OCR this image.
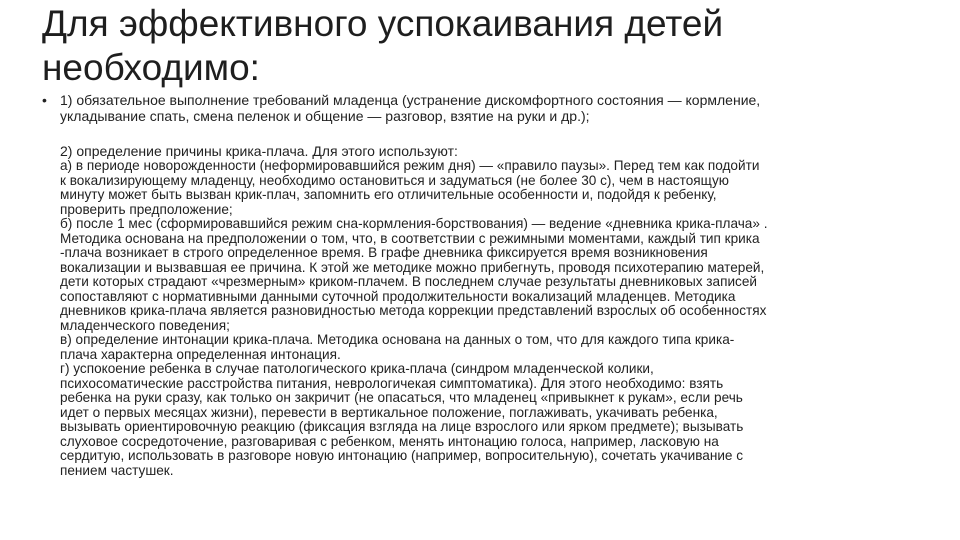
Для эффективного успокаивания детей
необходимо:
• 1) обязательное выполнение требований младенца (устранение дискомфортного состояния — кормление,
укладывание спать, смена пеленок и общение — разговор, взятие на руки и др.);

2) определение причины крика-плача. Для этого используют:

а) в периоде новорожденности (неформировавшийся режим дня) — «правило паузы». Перед тем как подойти
к вокализирующему младенцу, необходимо остановиться и задуматься (не более 30 с), чем в настоящую
минуту может быть вызван крик-плач, запомнить его отличительные особенности и, подойдя к ребенку,
проверить предположение;
б) после 1 мес (сформировавшийся режим сна-кормления-борствования) — ведение «дневника крика-плача» .
Методика основана на предположении о том, что, в соответствии с режимными моментами, каждый тип крика
-плача возникает в строго определенное время. В графе дневника фиксируется время возникновения
вокализации и вызвавшая ее причина. К этой же методике можно прибегнуть, проводя психотерапию матерей,
дети которых страдают «чрезмерным» криком-плачем. В последнем случае результаты дневниковых записей
сопоставляют с нормативными данными суточной продолжительности вокализаций младенцев. Методика
дневников крика-плача является разновидностью метода коррекции представлений взрослых об особенностях
младенческого поведения;
в) определение интонации крика-плача. Методика основана на данных о том, что для каждого типа крика-
плача характерна определенная интонация.
г) успокоение ребенка в случае патологического крика-плача (синдром младенческой колики,
психосоматические расстройства питания, неврологичекая симптоматика). Для этого необходимо: взять
ребенка на руки сразу, как только он закричит (не опасаться, что младенец «привыкнет к рукам», если речь
идет о первых месяцах жизни), перевести в вертикальное положение, поглаживать, укачивать ребенка,
вызывать ориентировочную реакцию (фиксация взгляда на лице взрослого или ярком предмете); вызывать
слуховое сосредоточение, разговаривая с ребенком, менять интонацию голоса, например, ласковую на
сердитую, использовать в разговоре новую интонацию (например, вопросительную), сочетать укачивание с
пением частушек.
